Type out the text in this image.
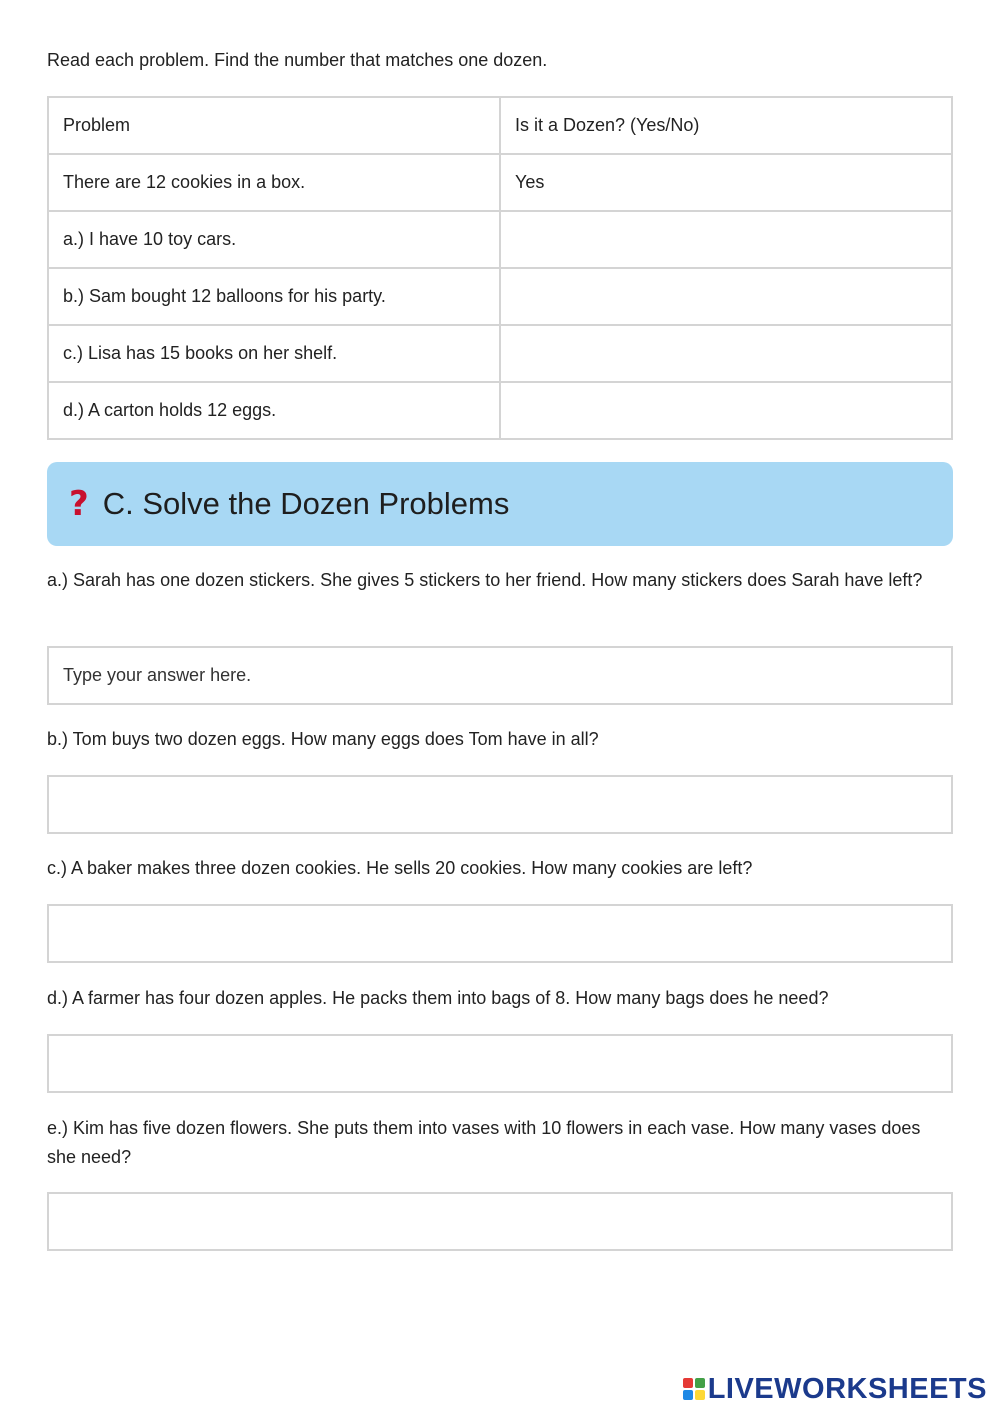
Read each problem. Find the number that matches one dozen.
Problem	Is it a Dozen? (Yes/No)
There are 12 cookies in a box.	Yes
a.) I have 10 toy cars.	
b.) Sam bought 12 balloons for his party.	
c.) Lisa has 15 books on her shelf.	
d.) A carton holds 12 eggs.	
? C. Solve the Dozen Problems
a.) Sarah has one dozen stickers. She gives 5 stickers to her friend. How many stickers does Sarah have left?
Type your answer here.
b.) Tom buys two dozen eggs. How many eggs does Tom have in all?
c.) A baker makes three dozen cookies. He sells 20 cookies. How many cookies are left?
d.) A farmer has four dozen apples. He packs them into bags of 8. How many bags does he need?
e.) Kim has five dozen flowers. She puts them into vases with 10 flowers in each vase. How many vases does she need?
LIVEWORKSHEETS
